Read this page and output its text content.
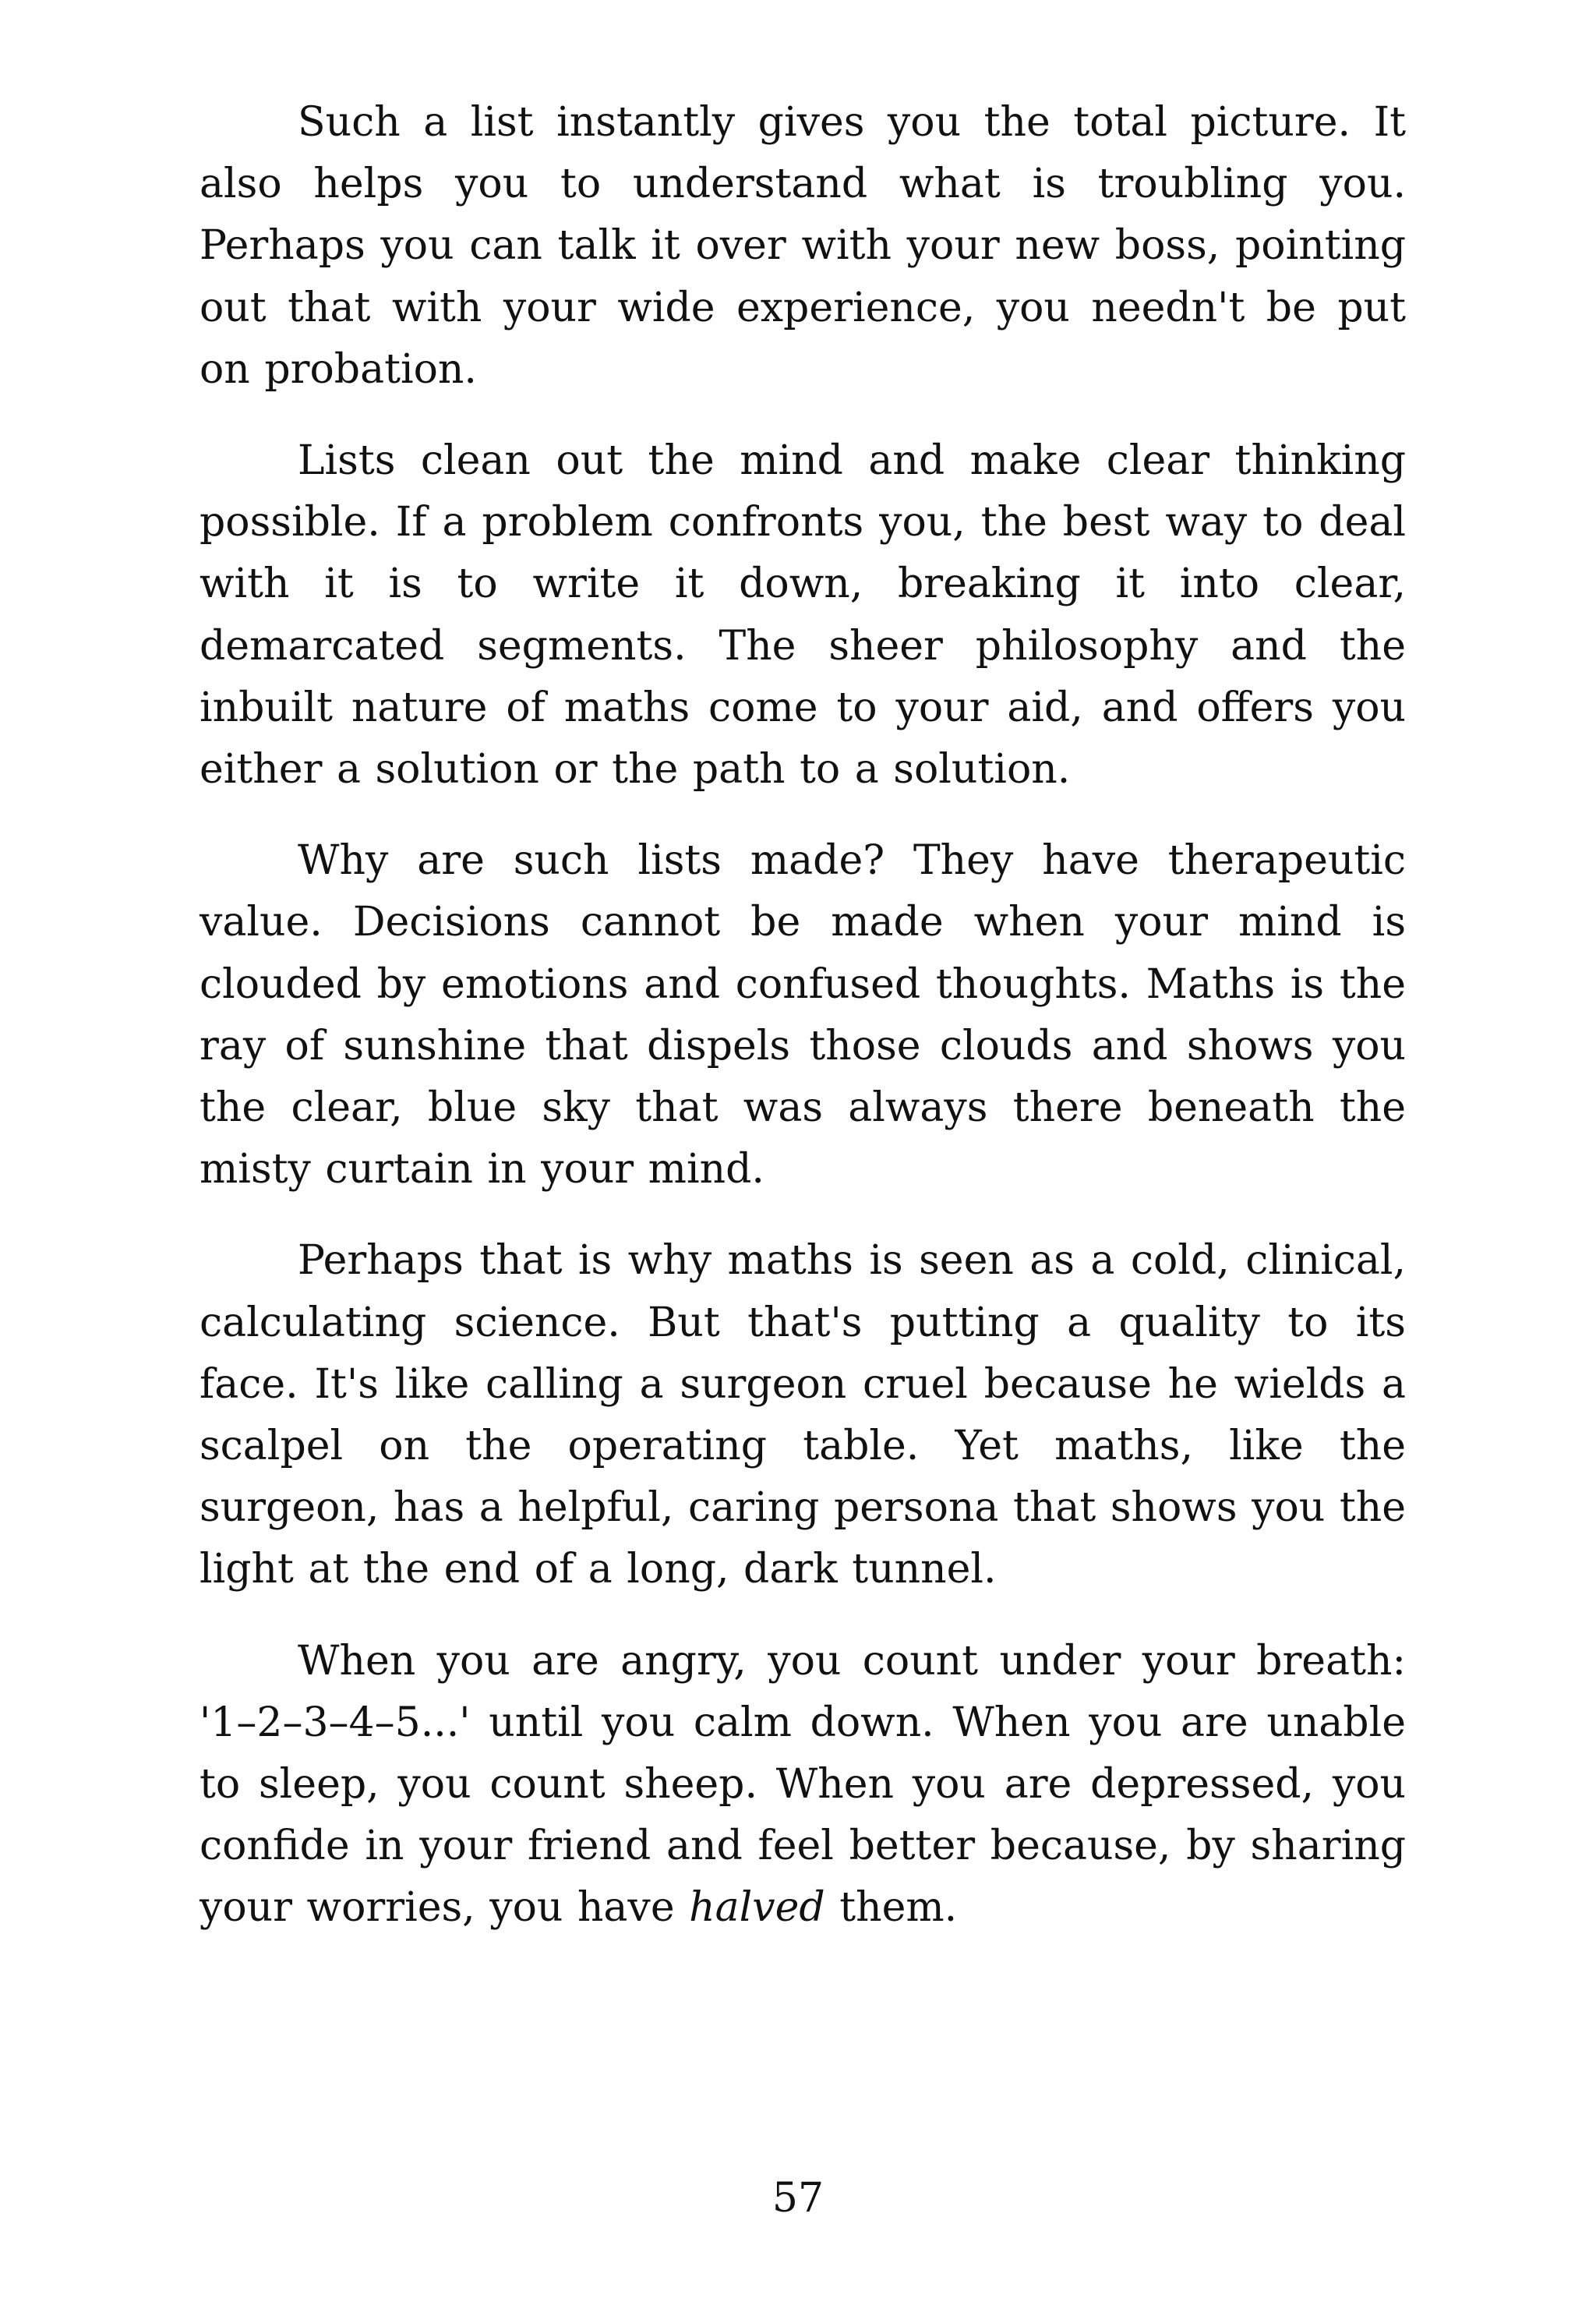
Such a list instantly gives you the total picture. It also helps you to understand what is troubling you. Perhaps you can talk it over with your new boss, pointing out that with your wide experience, you needn't be put on probation.

Lists clean out the mind and make clear thinking possible. If a problem confronts you, the best way to deal with it is to write it down, breaking it into clear, demarcated segments. The sheer philosophy and the inbuilt nature of maths come to your aid, and offers you either a solution or the path to a solution.

Why are such lists made? They have therapeutic value. Decisions cannot be made when your mind is clouded by emotions and confused thoughts. Maths is the ray of sunshine that dispels those clouds and shows you the clear, blue sky that was always there beneath the misty curtain in your mind.

Perhaps that is why maths is seen as a cold, clinical, calculating science. But that's putting a quality to its face. It's like calling a surgeon cruel because he wields a scalpel on the operating table. Yet maths, like the surgeon, has a helpful, caring persona that shows you the light at the end of a long, dark tunnel.

When you are angry, you count under your breath: '1–2–3–4–5...' until you calm down. When you are unable to sleep, you count sheep. When you are depressed, you confide in your friend and feel better because, by sharing your worries, you have halved them.

57
